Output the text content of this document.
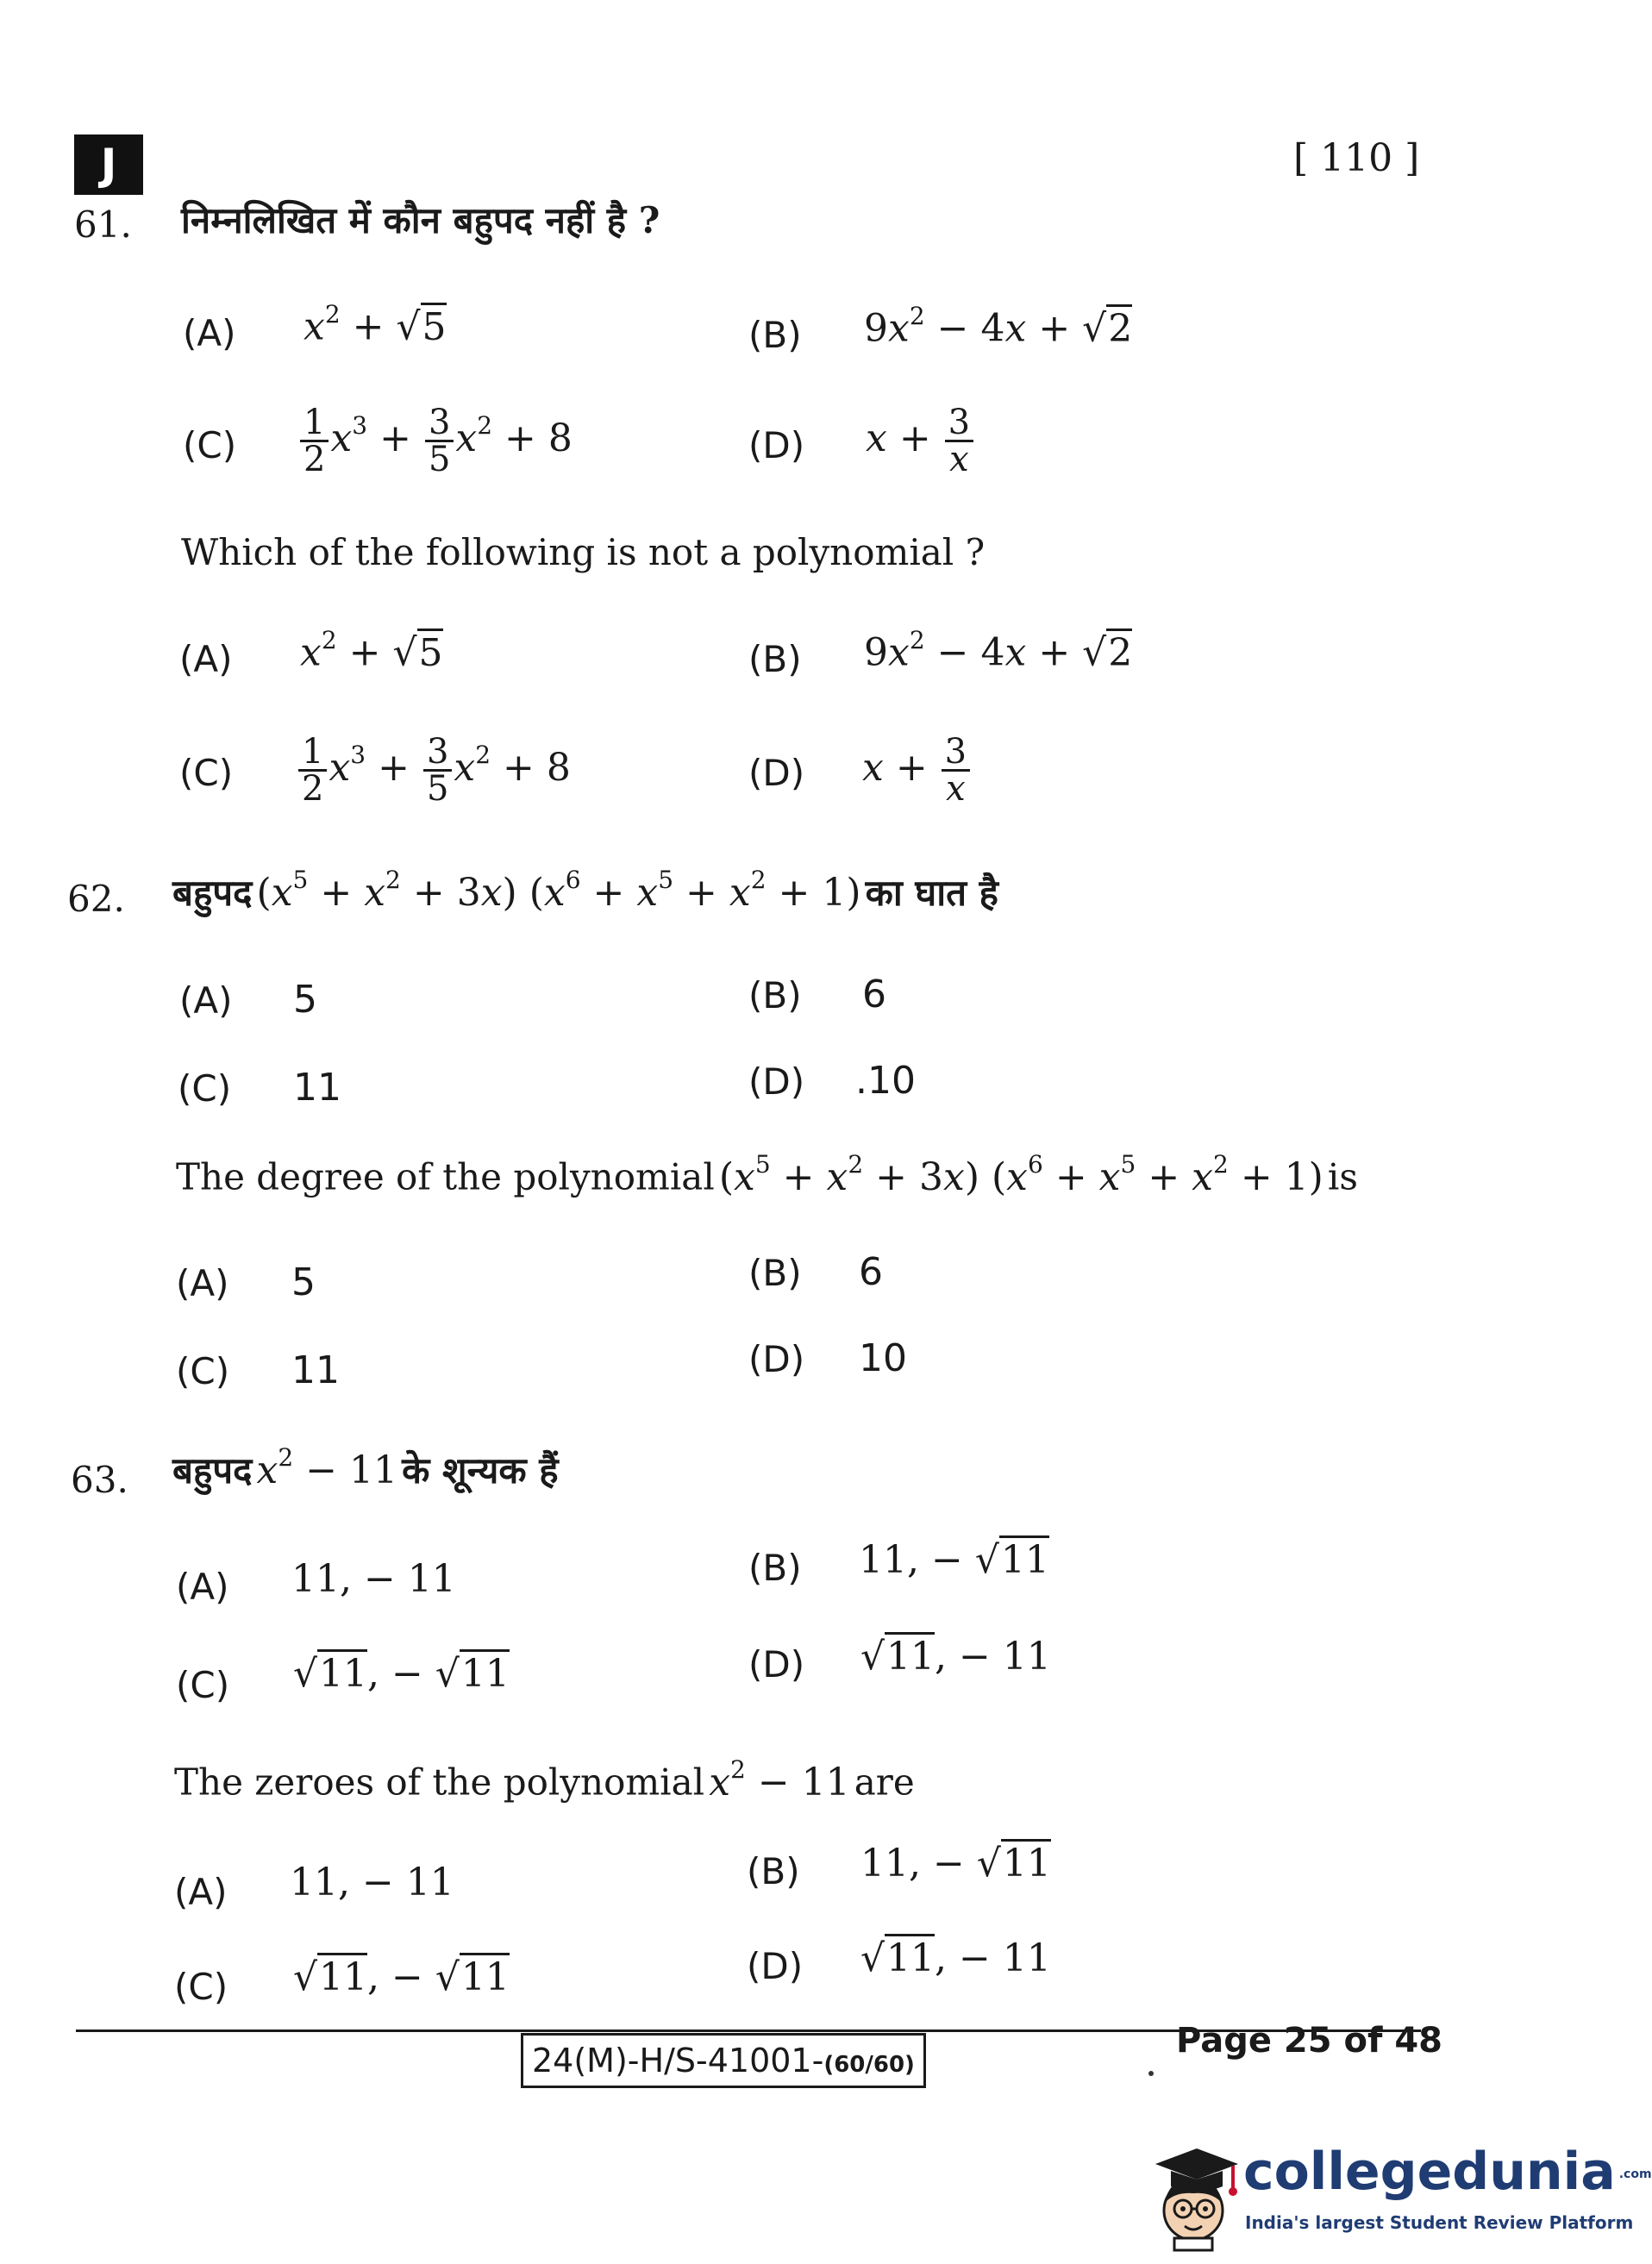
J	[ 110 ]
61. निम्नलिखित में कौन बहुपद नहीं है ?
(A) $x^2 + √5$	(B) $9x^2 - 4x + √2$
$(C) \frac{1}{2} x^3 + \frac{3}{5} x^2 + 8$	(D) $x + \frac{3}{x}$
Which of the following is not a polynomial ?
(A) $x^2 + √5$	(B) $9x^2 - 4x + √2$
$(C) \frac{1}{2} x^3 + \frac{3}{5} x^2 + 8$	(D) $x + \frac{3}{x}$
62. बहुपद $(x^5 + x^2 + 3x) (x^6 + x^5 + x^2 + 1)$ का घात है
(A) 5	(B) 6
(C) 11	(D) .10
The degree of the polynomial $(x^5 + x^2 + 3x) (x^6 + x^5 + x^2 + 1)$ is
(A) 5	(B) 6
(C) 11	(D) 10
63. बहुपद $x^2 - 11$ के शून्यक हैं
(A) 11, − 11	(B) 11, − √11
(C) √11, − √11	(D) √11, − 11
The zeroes of the polynomial $x^2 - 11$ are
(A) 11, − 11	(B) 11, − √11
(C) √11, − √11	(D) √11, − 11
24(M)-H/S-41001-(60/60)
Page 25 of 48
collegedunia .com
India's largest Student Review Platform
